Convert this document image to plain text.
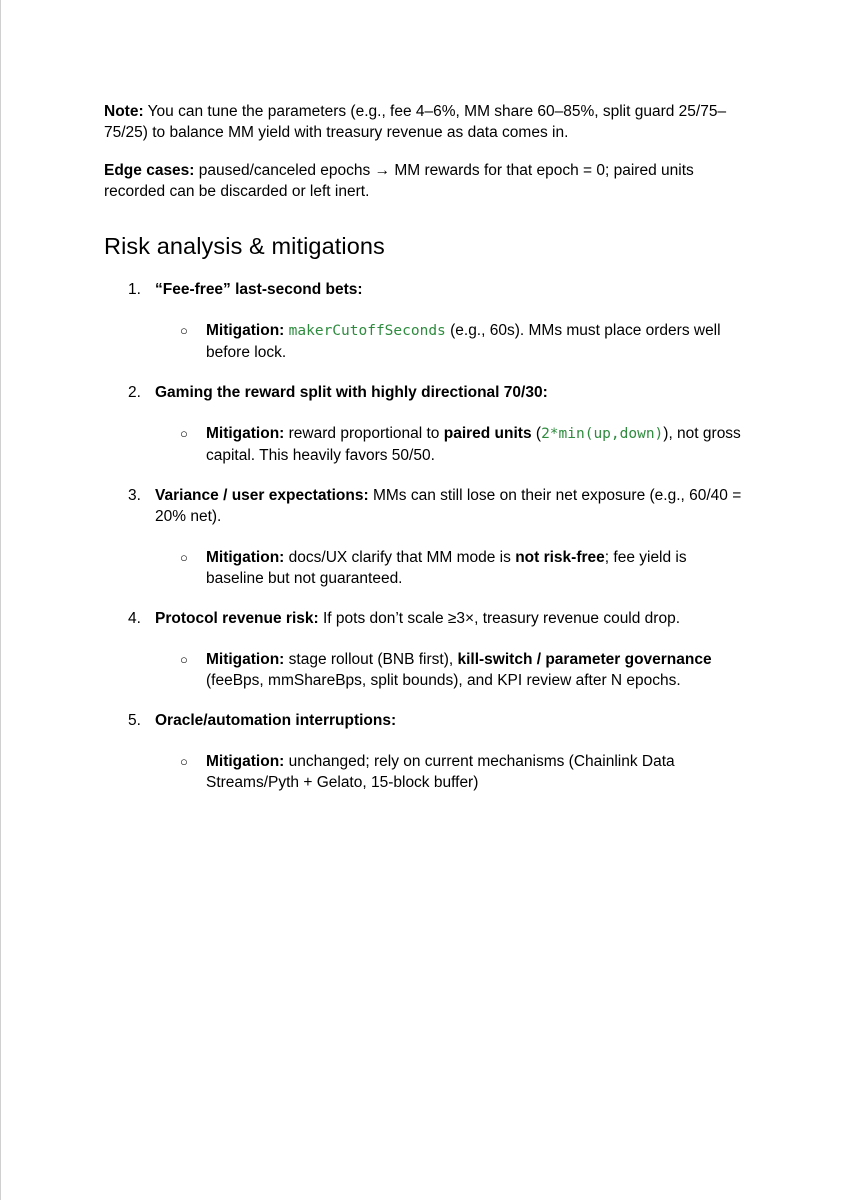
Note: You can tune the parameters (e.g., fee 4–6%, MM share 60–85%, split guard 25/75–75/25) to balance MM yield with treasury revenue as data comes in.

Edge cases: paused/canceled epochs → MM rewards for that epoch = 0; paired units recorded can be discarded or left inert.

Risk analysis & mitigations
1. “Fee-free” last-second bets:
○ Mitigation: makerCutoffSeconds (e.g., 60s). MMs must place orders well before lock.
2. Gaming the reward split with highly directional 70/30:
○ Mitigation: reward proportional to paired units (2*min(up,down)), not gross capital. This heavily favors 50/50.
3. Variance / user expectations: MMs can still lose on their net exposure (e.g., 60/40 = 20% net).
○ Mitigation: docs/UX clarify that MM mode is not risk-free; fee yield is baseline but not guaranteed.
4. Protocol revenue risk: If pots don’t scale ≥3×, treasury revenue could drop.
○ Mitigation: stage rollout (BNB first), kill-switch / parameter governance (feeBps, mmShareBps, split bounds), and KPI review after N epochs.
5. Oracle/automation interruptions:
○ Mitigation: unchanged; rely on current mechanisms (Chainlink Data Streams/Pyth + Gelato, 15-block buffer)
